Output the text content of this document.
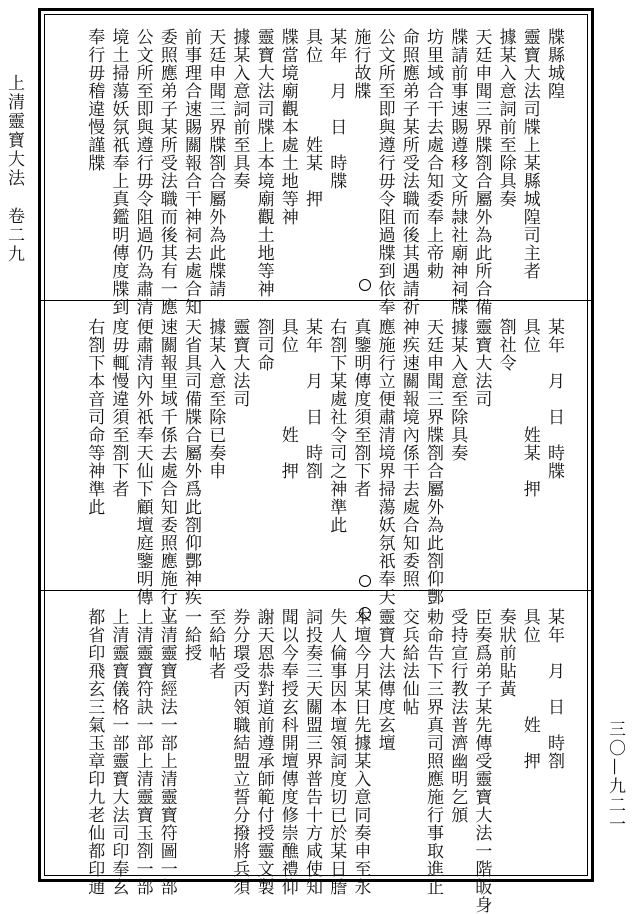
上清靈寶大法　卷二九
三〇—九二一
牒縣城隍
靈寶大法司牒上某縣城隍司主者
據某入意詞前至除具奏
天廷申聞三界牒劄合屬外為此所合備
牒請前事速賜遵移文所隷社廟神祠牒
坊里域合干去處合知委奉上帝勅
命照應弟子某所受法職而後其遇請祈
公文所至即與遵行毋令阻過牒到依奉
施行故牒
某年　月　日　時牒
具位　　　　姓某　押
牒當境廟觀本處土地等神
靈寶大法司牒上本境廟觀土地等神
據某入意詞前至具奏
天廷申聞三界牒劄合屬外為此牒請
前事理合速賜關報合干神祠去處合知
委照應弟子某所受法職而後其有一應
公文所至即與遵行毋令阻過仍為肅清
境土掃蕩妖氛祇奉上真鑑明傳度牒到
奉行毋稽違慢謹牒
某年　月　日　時牒
具位　　　　姓某　押
劄社令
靈寶大法司
據某入意至除具奏
天廷申聞三界牒劄合屬外為此劄仰酆
神疾速關報境內係干去處合知委照
應施行立便肅清境界掃蕩妖氛祇奉天
真鑒明傳度須至劄下者
右劄下某處社令司之神準此
某年　月　日　時劄
具位　　　　姓　押
劄司命
靈寶大法司
據某入意至除已奏申
天省具司備牒合屬外爲此劄仰酆神疾
速關報里域千係去處合知委照應施行立
便肅清內外祇奉天仙下顧壇庭鑒明傳
度毋輒慢違須至劄下者
右劄下本音司命等神準此
某年　月　日　時劄
具位　　　　姓　押
奏狀前貼黃
臣奏爲弟子某先傳受靈寶大法一階皈身
受持宣行教法普濟幽明乞頒
勅命告下三界真司照應施行事取進止
交兵給法仙帖
靈寶大法傳度玄壇
本壇今月某日先據某入意同奏申至永
失人倫事因本壇領詞度切已於某日謄
詞投奏三天關盟三界普告十方咸使知
聞以今奉授玄科開壇傳度修崇醮禮仰
謝天恩恭對道前遵承師範付授靈文製
券分環受丙領職結盟立誓分撥將兵須
至給帖者
一給授
上清靈寶經法一部上清靈寶符圖一部
上清靈寶符訣一部上清靈寶玉劄一部
上清靈寶儀格一部靈寶大法司印奉玄
都省印飛玄三氣玉章印九老仙都印通
